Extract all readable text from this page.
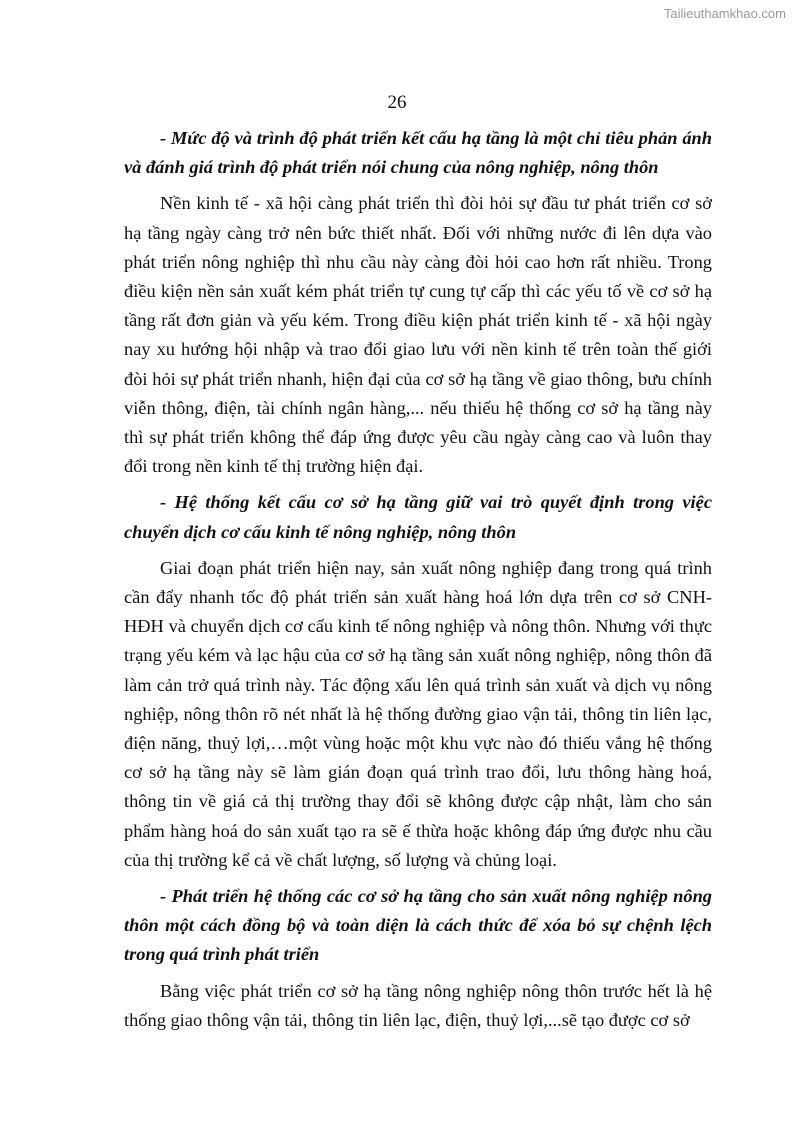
Tailieuthamkhao.com
26

- Mức độ và trình độ phát triển kết cấu hạ tầng là một chỉ tiêu phản ánh và đánh giá trình độ phát triển nói chung của nông nghiệp, nông thôn

Nền kinh tế - xã hội càng phát triển thì đòi hỏi sự đầu tư phát triển cơ sở hạ tầng ngày càng trở nên bức thiết nhất. Đối với những nước đi lên dựa vào phát triển nông nghiệp thì nhu cầu này càng đòi hỏi cao hơn rất nhiều. Trong điều kiện nền sản xuất kém phát triển tự cung tự cấp thì các yếu tố về cơ sở hạ tầng rất đơn giản và yếu kém. Trong điều kiện phát triển kinh tế - xã hội ngày nay xu hướng hội nhập và trao đổi giao lưu với nền kinh tế trên toàn thế giới đòi hỏi sự phát triển nhanh, hiện đại của cơ sở hạ tầng về giao thông, bưu chính viễn thông, điện, tài chính ngân hàng,... nếu thiếu hệ thống cơ sở hạ tầng này thì sự phát triển không thể đáp ứng được yêu cầu ngày càng cao và luôn thay đổi trong nền kinh tế thị trường hiện đại.

- Hệ thống kết cấu cơ sở hạ tầng giữ vai trò quyết định trong việc chuyển dịch cơ cấu kinh tế nông nghiệp, nông thôn

Giai đoạn phát triển hiện nay, sản xuất nông nghiệp đang trong quá trình cần đẩy nhanh tốc độ phát triển sản xuất hàng hoá lớn dựa trên cơ sở CNH-HĐH và chuyển dịch cơ cấu kinh tế nông nghiệp và nông thôn. Nhưng với thực trạng yếu kém và lạc hậu của cơ sở hạ tầng sản xuất nông nghiệp, nông thôn đã làm cản trở quá trình này. Tác động xấu lên quá trình sản xuất và dịch vụ nông nghiệp, nông thôn rõ nét nhất là hệ thống đường giao vận tải, thông tin liên lạc, điện năng, thuỷ lợi,…một vùng hoặc một khu vực nào đó thiếu vắng hệ thống cơ sở hạ tầng này sẽ làm gián đoạn quá trình trao đổi, lưu thông hàng hoá, thông tin về giá cả thị trường thay đổi sẽ không được cập nhật, làm cho sản phẩm hàng hoá do sản xuất tạo ra sẽ ế thừa hoặc không đáp ứng được nhu cầu của thị trường kể cả về chất lượng, số lượng và chủng loại.

- Phát triển hệ thống các cơ sở hạ tầng cho sản xuất nông nghiệp nông thôn một cách đồng bộ và toàn diện là cách thức để xóa bỏ sự chệnh lệch trong quá trình phát triển

Bằng việc phát triển cơ sở hạ tầng nông nghiệp nông thôn trước hết là hệ thống giao thông vận tải, thông tin liên lạc, điện, thuỷ lợi,...sẽ tạo được cơ sở
